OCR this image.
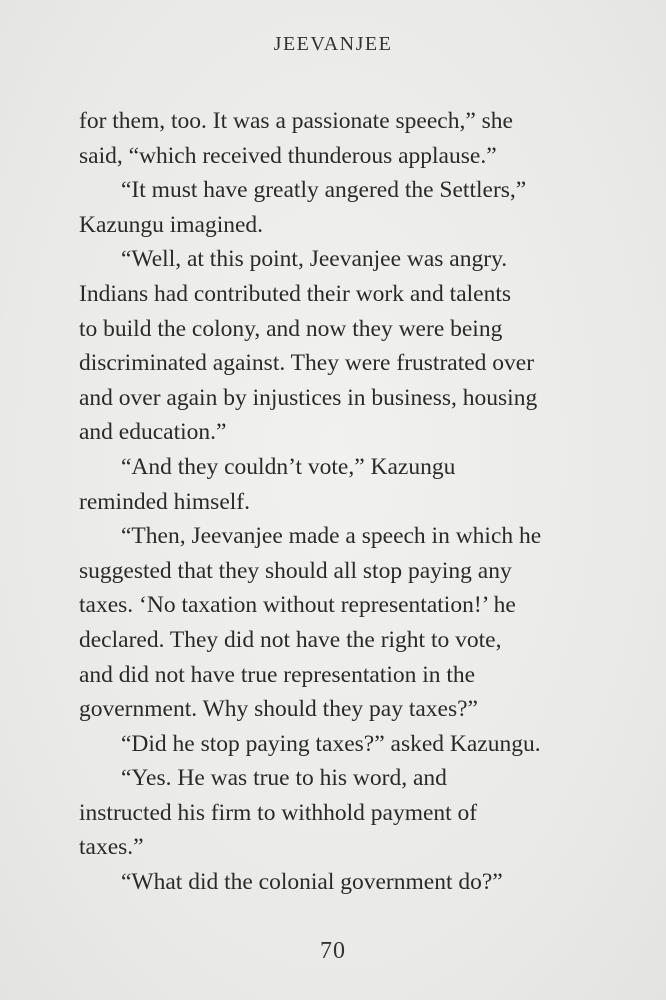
JEEVANJEE
for them, too. It was a passionate speech,” she
said, “which received thunderous applause.”
“It must have greatly angered the Settlers,”
Kazungu imagined.
“Well, at this point, Jeevanjee was angry.
Indians had contributed their work and talents
to build the colony, and now they were being
discriminated against. They were frustrated over
and over again by injustices in business, housing
and education.”
“And they couldn’t vote,” Kazungu
reminded himself.
“Then, Jeevanjee made a speech in which he
suggested that they should all stop paying any
taxes. ‘No taxation without representation!’ he
declared. They did not have the right to vote,
and did not have true representation in the
government. Why should they pay taxes?”
“Did he stop paying taxes?” asked Kazungu.
“Yes. He was true to his word, and
instructed his firm to withhold payment of
taxes.”
“What did the colonial government do?”
70
